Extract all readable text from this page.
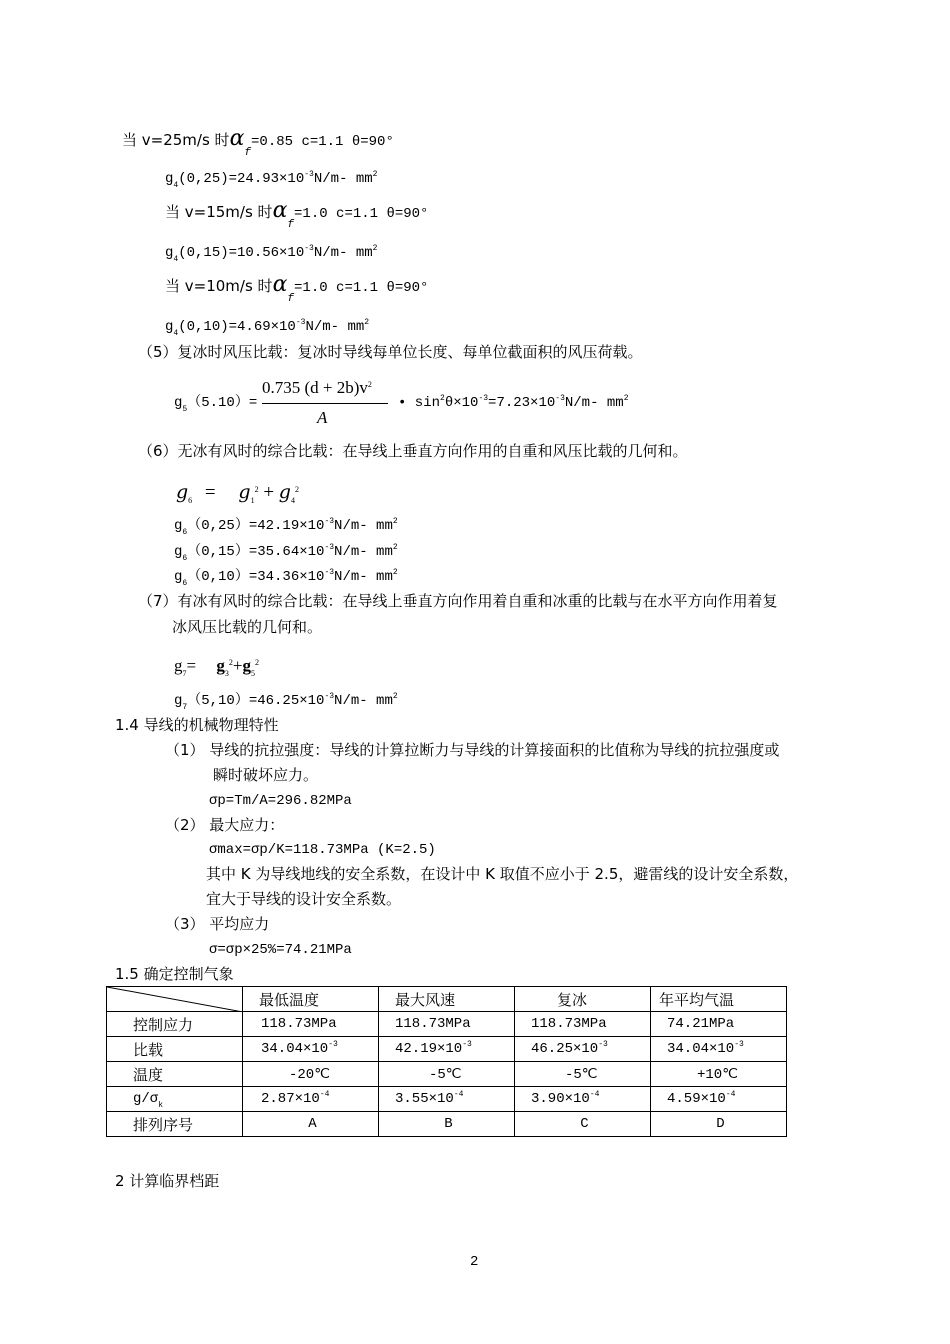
当 v=25m/s 时$\alpha_f=0.85$ c=1.1 θ=90°
$g_4(0,25)=24.93\times 10^{-3}N/m-$ $mm^2$
当 v=15m/s 时$\alpha_f=1.0$ c=1.1 θ=90°
$g_4(0,15)=10.56\times 10^{-3}N/m-$ $mm^2$
当 v=10m/s 时$\alpha_f=1.0$ c=1.1 θ=90°
$g_4(0,10)=4.69\times 10^{-3}N/m-$ $mm^2$
（5）复冰时风压比载：复冰时导线每单位长度、每单位截面积的风压荷载。
$g_5(5.10)=$
0.735 $(d + 2b)v^2$
A
• $\sin^2\theta\times 10^{-3}=7.23\times 10^{-3}N/m-$ $mm^2$
（6）无冰有风时的综合比载：在导线上垂直方向作用的自重和风压比载的几何和。
$g_6 = g_1^2 + g_4^2$
$g_6(0,25)=42.19\times 10^{-3}N/m-$ $mm^2$
$g_6(0,15)=35.64\times 10^{-3}N/m-$ $mm^2$
$g_6(0,10)=34.36\times 10^{-3}N/m-$ $mm^2$
（7）有冰有风时的综合比载：在导线上垂直方向作用着自重和冰重的比载与在水平方向作用着复
冰风压比载的几何和。
$g_7= g_3^2+g_5^2$
$g_7(5,10)=46.25\times 10^{-3}N/m-$ $mm^2$
1.4 导线的机械物理特性
（1） 导线的抗拉强度：导线的计算拉断力与导线的计算接面积的比值称为导线的抗拉强度或
瞬时破坏应力。
σp=Tm/A=296.82MPa
（2） 最大应力：
σmax=σp/K=118.73MPa (K=2.5)
其中 K 为导线地线的安全系数，在设计中 K 取值不应小于 2.5，避雷线的设计安全系数，
宜大于导线的设计安全系数。
（3） 平均应力
σ=σp×25%=74.21MPa
1.5 确定控制气象
	最低温度	最大风速	复冰	年平均气温
控制应力	118.73MPa	118.73MPa	118.73MPa	74.21MPa
比载	$34.04\times 10^{-3}$	$42.19\times 10^{-3}$	$46.25\times 10^{-3}$	$34.04\times 10^{-3}$
温度	-20℃	-5℃	-5℃	+10℃
$g/\sigma_k$	$2.87\times 10^{-4}$	$3.55\times 10^{-4}$	$3.90\times 10^{-4}$	$4.59\times 10^{-4}$
排列序号	A	B	C	D
2 计算临界档距
2
